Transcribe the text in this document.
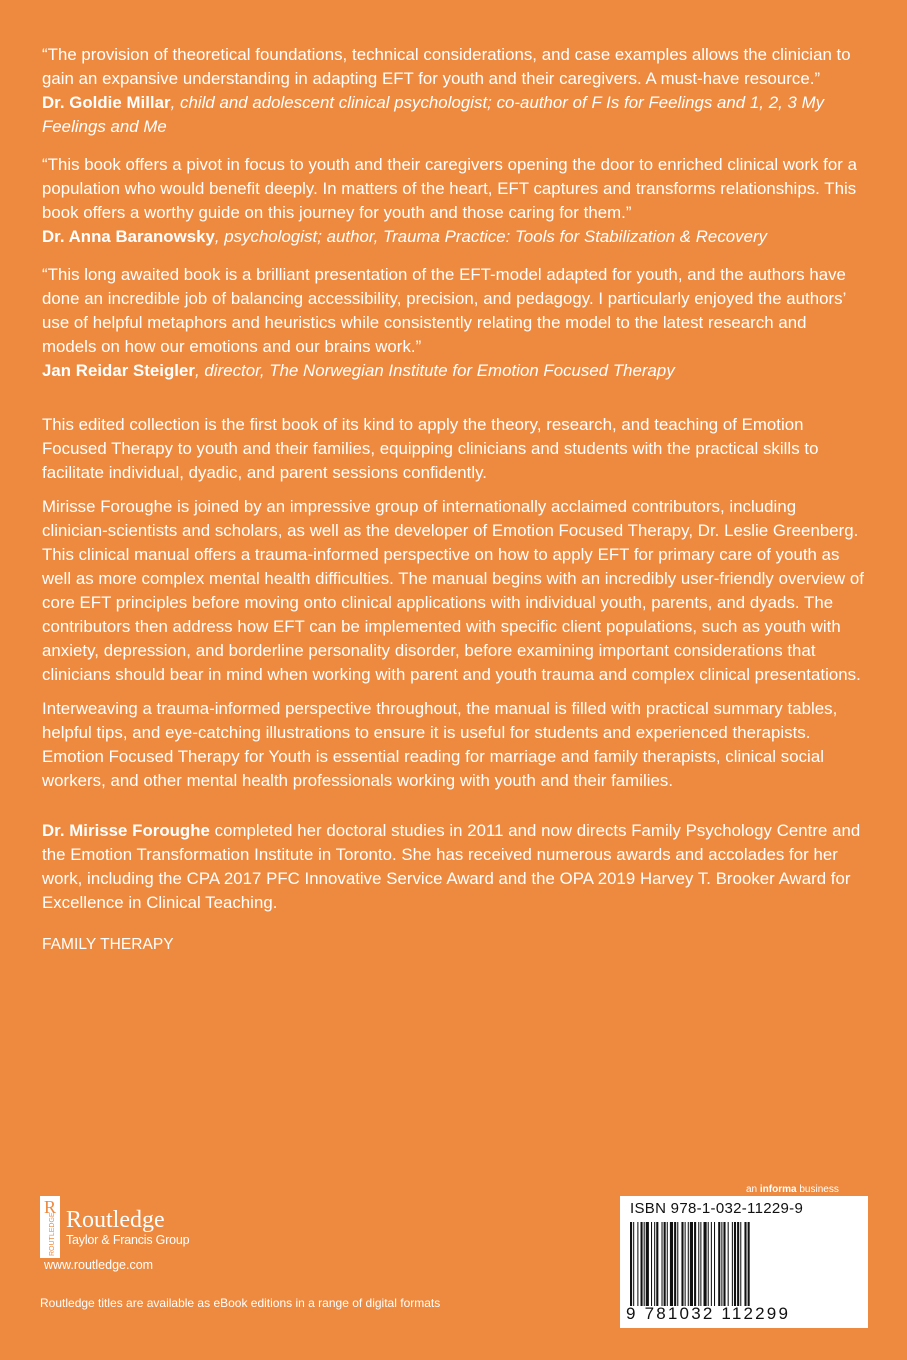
“The provision of theoretical foundations, technical considerations, and case examples allows the clinician to gain an expansive understanding in adapting EFT for youth and their caregivers. A must-have resource.”

Dr. Goldie Millar, child and adolescent clinical psychologist; co-author of F Is for Feelings and 1, 2, 3 My Feelings and Me

“This book offers a pivot in focus to youth and their caregivers opening the door to enriched clinical work for a population who would benefit deeply. In matters of the heart, EFT captures and transforms relationships. This book offers a worthy guide on this journey for youth and those caring for them.”

Dr. Anna Baranowsky, psychologist; author, Trauma Practice: Tools for Stabilization & Recovery

“This long awaited book is a brilliant presentation of the EFT-model adapted for youth, and the authors have done an incredible job of balancing accessibility, precision, and pedagogy. I particularly enjoyed the authors’ use of helpful metaphors and heuristics while consistently relating the model to the latest research and models on how our emotions and our brains work.”

Jan Reidar Steigler, director, The Norwegian Institute for Emotion Focused Therapy

This edited collection is the first book of its kind to apply the theory, research, and teaching of Emotion Focused Therapy to youth and their families, equipping clinicians and students with the practical skills to facilitate individual, dyadic, and parent sessions confidently.

Mirisse Foroughe is joined by an impressive group of internationally acclaimed contributors, including clinician-scientists and scholars, as well as the developer of Emotion Focused Therapy, Dr. Leslie Greenberg. This clinical manual offers a trauma-informed perspective on how to apply EFT for primary care of youth as well as more complex mental health difficulties. The manual begins with an incredibly user-friendly overview of core EFT principles before moving onto clinical applications with individual youth, parents, and dyads. The contributors then address how EFT can be implemented with specific client populations, such as youth with anxiety, depression, and borderline personality disorder, before examining important considerations that clinicians should bear in mind when working with parent and youth trauma and complex clinical presentations.

Interweaving a trauma-informed perspective throughout, the manual is filled with practical summary tables, helpful tips, and eye-catching illustrations to ensure it is useful for students and experienced therapists. Emotion Focused Therapy for Youth is essential reading for marriage and family therapists, clinical social workers, and other mental health professionals working with youth and their families.

Dr. Mirisse Foroughe completed her doctoral studies in 2011 and now directs Family Psychology Centre and the Emotion Transformation Institute in Toronto. She has received numerous awards and accolades for her work, including the CPA 2017 PFC Innovative Service Award and the OPA 2019 Harvey T. Brooker Award for Excellence in Clinical Teaching.

FAMILY THERAPY
R
ROUTLEDGE Routledge
Taylor & Francis Group
www.routledge.com
Routledge titles are available as eBook editions in a range of digital formats
an informa business
ISBN 978-1-032-11229-9
9 781032 112299
